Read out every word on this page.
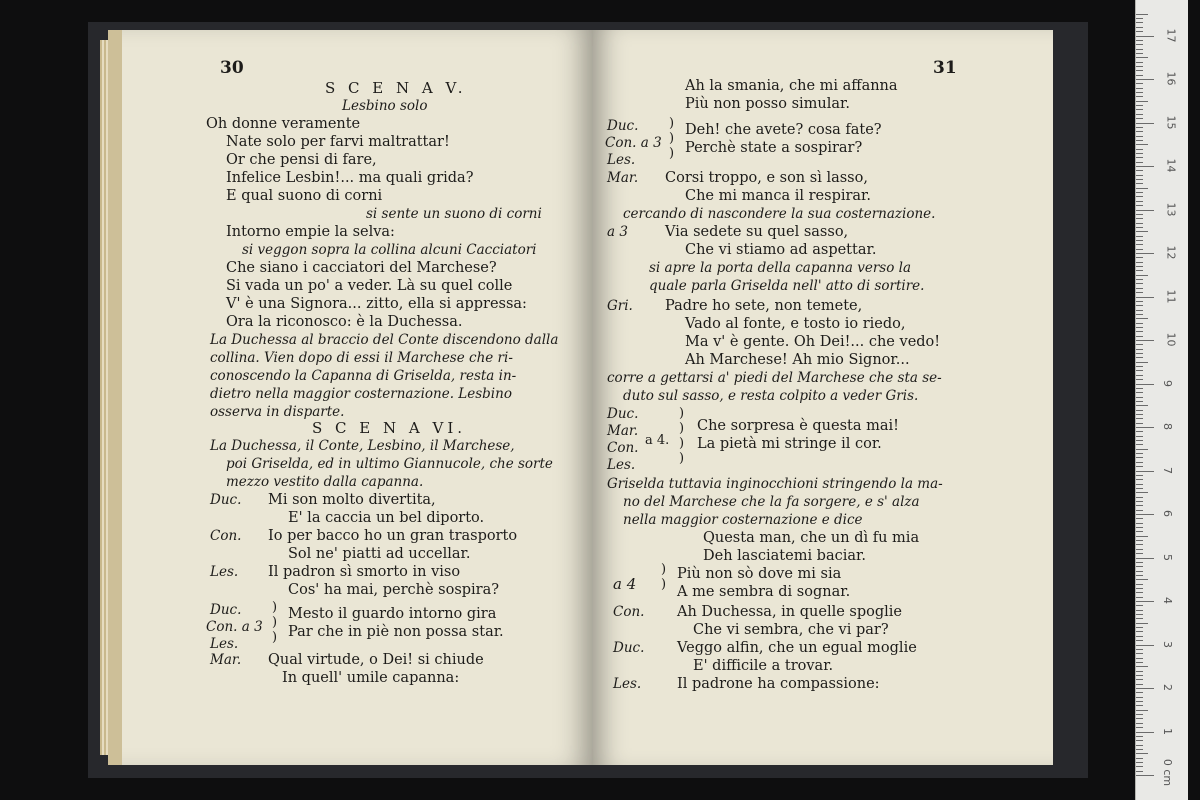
30
S C E N A V.
Lesbino solo
Oh donne veramente
Nate solo per farvi maltrattar!
Or che pensi di fare,
Infelice Lesbin!... ma quali grida?
E qual suono di corni
si sente un suono di corni
Intorno empie la selva:
si veggon sopra la collina alcuni Cacciatori
Che siano i cacciatori del Marchese?
Si vada un po' a veder. Là su quel colle
V' è una Signora... zitto, ella si appressa:
Ora la riconosco: è la Duchessa.
La Duchessa al braccio del Conte discendono dalla
collina. Vien dopo di essi il Marchese che ri-
conoscendo la Capanna di Griselda, resta in-
dietro nella maggior costernazione. Lesbino
osserva in disparte.
S C E N A VI.
La Duchessa, il Conte, Lesbino, il Marchese,
poi Griselda, ed in ultimo Giannucole, che sorte
mezzo vestito dalla capanna.
Duc. Mi son molto divertita,
E' la caccia un bel diporto.
Con. Io per bacco ho un gran trasporto
Sol ne' piatti ad uccellar.
Les. Il padron sì smorto in viso
Cos' ha mai, perchè sospira?
Duc.
Con. a 3
Les.
)
)
)
Mesto il guardo intorno gira
Par che in piè non possa star.
Mar. Qual virtude, o Dei! si chiude
In quell' umile capanna:
31
Ah la smania, che mi affanna
Più non posso simular.
Duc.
Con. a 3
Les.
)
)
)
Deh! che avete? cosa fate?
Perchè state a sospirar?
Mar. Corsi troppo, e son sì lasso,
Che mi manca il respirar.
cercando di nascondere la sua costernazione.
a 3	Via sedete su quel sasso,
Che vi stiamo ad aspettar.
si apre la porta della capanna verso la
quale parla Griselda nell' atto di sortire.
Gri. Padre ho sete, non temete,
Vado al fonte, e tosto io riedo,
Ma v' è gente. Oh Dei!... che vedo!
Ah Marchese! Ah mio Signor...
corre a gettarsi a' piedi del Marchese che sta se-
duto sul sasso, e resta colpito a veder Gris.
Duc.
Mar.
Con.
Les.
a 4.
)
)
)
)
Che sorpresa è questa mai!
La pietà mi stringe il cor.
Griselda tuttavia inginocchioni stringendo la ma-
no del Marchese che la fa sorgere, e s' alza
nella maggior costernazione e dice
Questa man, che un dì fu mia
Deh lasciatemi baciar.
a 4
)
)
Più non sò dove mi sia
A me sembra di sognar.
Con. Ah Duchessa, in quelle spoglie
Che vi sembra, che vi par?
Duc. Veggo alfin, che un egual moglie
E' difficile a trovar.
Les. Il padrone ha compassione:
0 cm
1
2
3
4
5
6
7
8
9
10
11
12
13
14
15
16
17
